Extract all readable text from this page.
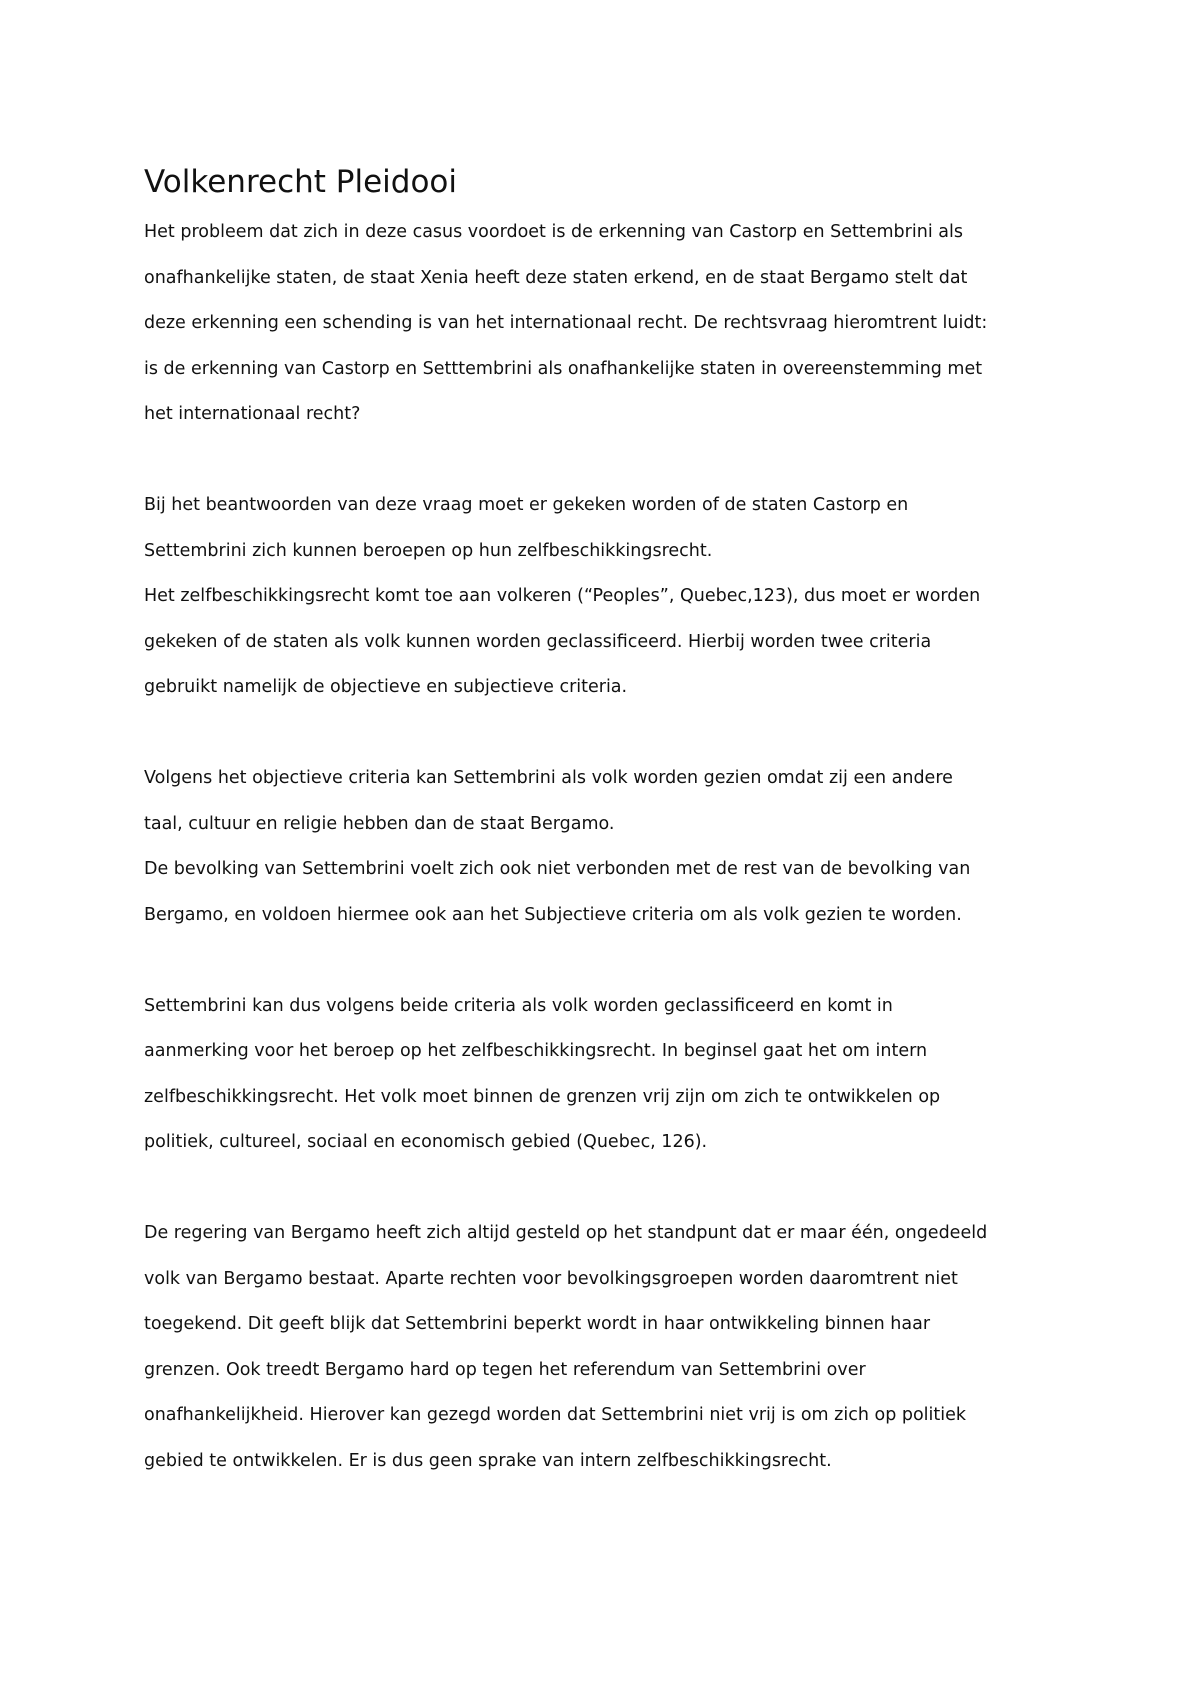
Volkenrecht Pleidooi

Het probleem dat zich in deze casus voordoet is de erkenning van Castorp en Settembrini als onafhankelijke staten, de staat Xenia heeft deze staten erkend, en de staat Bergamo stelt dat deze erkenning een schending is van het internationaal recht. De rechtsvraag hieromtrent luidt: is de erkenning van Castorp en Setttembrini als onafhankelijke staten in overeenstemming met het internationaal recht?

Bij het beantwoorden van deze vraag moet er gekeken worden of de staten Castorp en Settembrini zich kunnen beroepen op hun zelfbeschikkingsrecht.

Het zelfbeschikkingsrecht komt toe aan volkeren (“Peoples”, Quebec,123), dus moet er worden gekeken of de staten als volk kunnen worden geclassificeerd. Hierbij worden twee criteria gebruikt namelijk de objectieve en subjectieve criteria.

Volgens het objectieve criteria kan Settembrini als volk worden gezien omdat zij een andere taal, cultuur en religie hebben dan de staat Bergamo.

De bevolking van Settembrini voelt zich ook niet verbonden met de rest van de bevolking van Bergamo, en voldoen hiermee ook aan het Subjectieve criteria om als volk gezien te worden.

Settembrini kan dus volgens beide criteria als volk worden geclassificeerd en komt in aanmerking voor het beroep op het zelfbeschikkingsrecht. In beginsel gaat het om intern zelfbeschikkingsrecht. Het volk moet binnen de grenzen vrij zijn om zich te ontwikkelen op politiek, cultureel, sociaal en economisch gebied (Quebec, 126).

De regering van Bergamo heeft zich altijd gesteld op het standpunt dat er maar één, ongedeeld volk van Bergamo bestaat. Aparte rechten voor bevolkingsgroepen worden daaromtrent niet toegekend. Dit geeft blijk dat Settembrini beperkt wordt in haar ontwikkeling binnen haar grenzen. Ook treedt Bergamo hard op tegen het referendum van Settembrini over onafhankelijkheid. Hierover kan gezegd worden dat Settembrini niet vrij is om zich op politiek gebied te ontwikkelen. Er is dus geen sprake van intern zelfbeschikkingsrecht.
